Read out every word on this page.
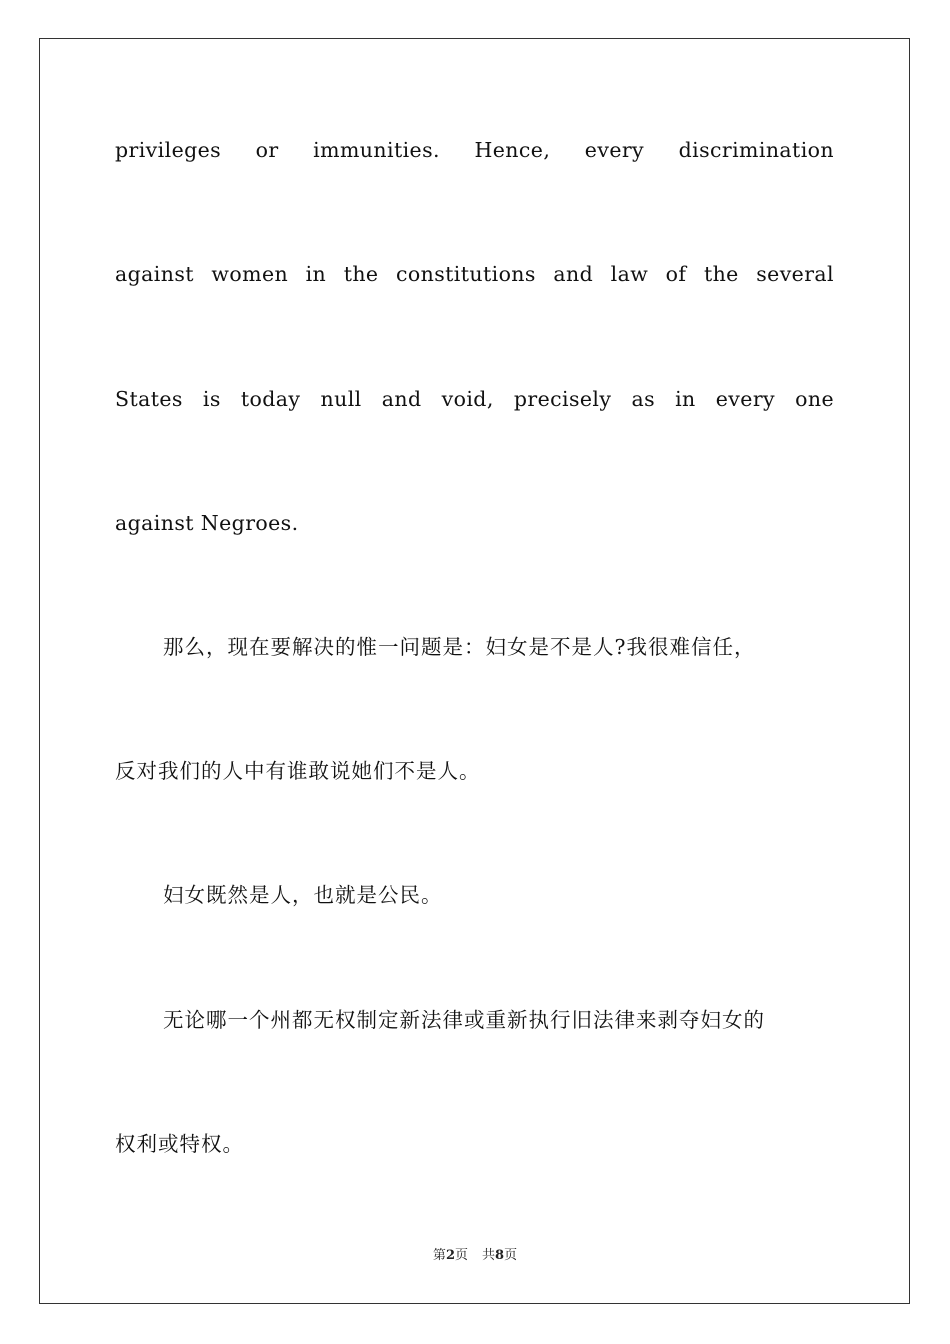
privileges or immunities. Hence, every discrimination
against women in the constitutions and law of the several
States is today null and void, precisely as in every one
against Negroes.
那么，现在要解决的惟一问题是：妇女是不是人?我很难信任，
反对我们的人中有谁敢说她们不是人。
妇女既然是人，也就是公民。
无论哪一个州都无权制定新法律或重新执行旧法律来剥夺妇女的
权利或特权。
第2页 共8页
